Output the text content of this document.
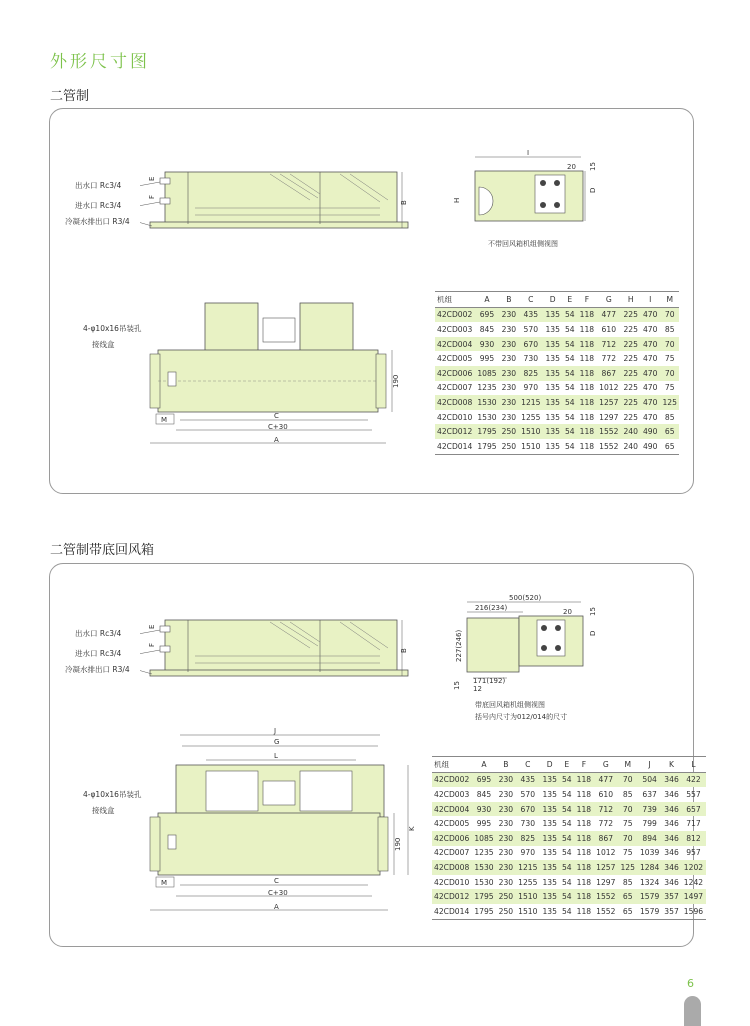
外形尺寸图
二管制
B
E
F
出水口 Rc3/4
进水口 Rc3/4
冷凝水排出口 R3/4
I
20 15
D
H
不带回风箱机组侧视图
190
C
C+30
A
M
4-φ10x16吊装孔
接线盒
机组	A	B	C	D	E	F	G	H	I	M
42CD002	695	230	435	135	54	118	477	225	470	70
42CD003	845	230	570	135	54	118	610	225	470	85
42CD004	930	230	670	135	54	118	712	225	470	70
42CD005	995	230	730	135	54	118	772	225	470	75
42CD006	1085	230	825	135	54	118	867	225	470	70
42CD007	1235	230	970	135	54	118	1012	225	470	75
42CD008	1530	230	1215	135	54	118	1257	225	470	125
42CD010	1530	230	1255	135	54	118	1297	225	470	85
42CD012	1795	250	1510	135	54	118	1552	240	490	65
42CD014	1795	250	1510	135	54	118	1552	240	490	65
二管制带底回风箱
B
E
F
出水口 Rc3/4
进水口 Rc3/4
冷凝水排出口 R3/4
500(520)
216(234)	20 15
D
227(246)
15
171(192)
12
带底回风箱机组侧视图
括号内尺寸为012/014的尺寸
J
G
L
190
K
C
C+30
A
M
4-φ10x16吊装孔
接线盒
机组	A	B	C	D	E	F	G	M	J	K	L
42CD002	695	230	435	135	54	118	477	70	504	346	422
42CD003	845	230	570	135	54	118	610	85	637	346	557
42CD004	930	230	670	135	54	118	712	70	739	346	657
42CD005	995	230	730	135	54	118	772	75	799	346	717
42CD006	1085	230	825	135	54	118	867	70	894	346	812
42CD007	1235	230	970	135	54	118	1012	75	1039	346	957
42CD008	1530	230	1215	135	54	118	1257	125	1284	346	1202
42CD010	1530	230	1255	135	54	118	1297	85	1324	346	1242
42CD012	1795	250	1510	135	54	118	1552	65	1579	357	1497
42CD014	1795	250	1510	135	54	118	1552	65	1579	357	1596
6
